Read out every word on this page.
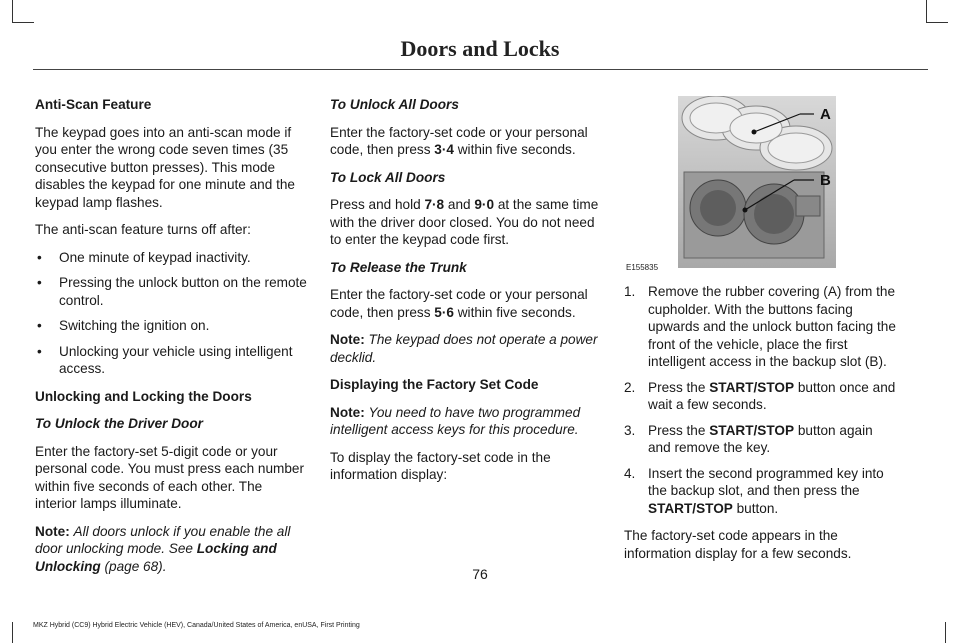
Doors and Locks
Anti-Scan Feature

The keypad goes into an anti-scan mode if you enter the wrong code seven times (35 consecutive button presses). This mode disables the keypad for one minute and the keypad lamp flashes.

The anti-scan feature turns off after:

• One minute of keypad inactivity.
• Pressing the unlock button on the remote control.
• Switching the ignition on.
• Unlocking your vehicle using intelligent access.
Unlocking and Locking the Doors
To Unlock the Driver Door

Enter the factory-set 5-digit code or your personal code. You must press each number within five seconds of each other. The interior lamps illuminate.

Note: All doors unlock if you enable the all door unlocking mode. See Locking and Unlocking (page 68).

To Unlock All Doors

Enter the factory-set code or your personal code, then press 3·4 within five seconds.

To Lock All Doors

Press and hold 7·8 and 9·0 at the same time with the driver door closed. You do not need to enter the keypad code first.

To Release the Trunk

Enter the factory-set code or your personal code, then press 5·6 within five seconds.

Note: The keypad does not operate a power decklid.

Displaying the Factory Set Code

Note: You need to have two programmed intelligent access keys for this procedure.

To display the factory-set code in the information display:

A
B
E155835
1. Remove the rubber covering (A) from the cupholder. With the buttons facing upwards and the unlock button facing the front of the vehicle, place the first intelligent access in the backup slot (B).
2. Press the START/STOP button once and wait a few seconds.
3. Press the START/STOP button again and remove the key.
4. Insert the second programmed key into the backup slot, and then press the START/STOP button.

The factory-set code appears in the information display for a few seconds.

76
MKZ Hybrid (CC9) Hybrid Electric Vehicle (HEV), Canada/United States of America, enUSA, First Printing
